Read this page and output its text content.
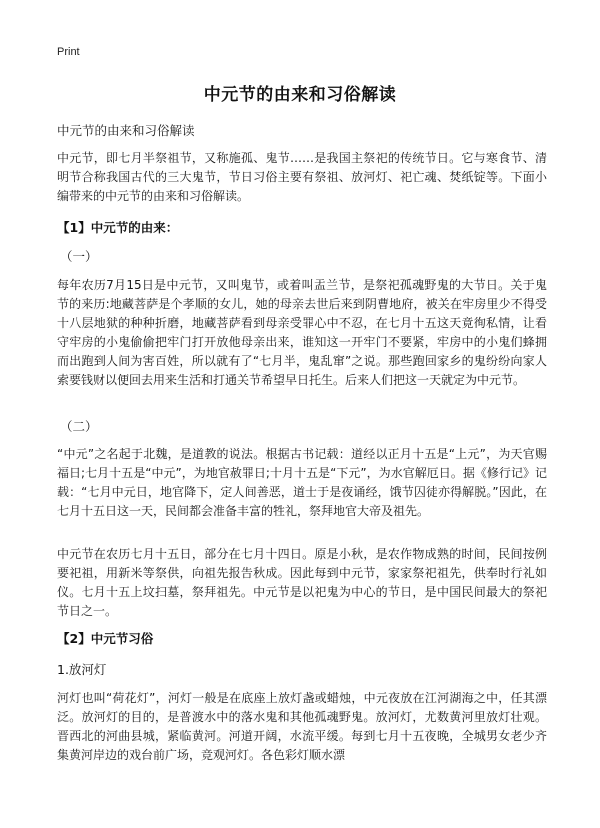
Print
中元节的由来和习俗解读
中元节的由来和习俗解读
中元节，即七月半祭祖节，又称施孤、鬼节……是我国主祭祀的传统节日。它与寒食节、清明节合称我国古代的三大鬼节，节日习俗主要有祭祖、放河灯、祀亡魂、焚纸锭等。下面小编带来的中元节的由来和习俗解读。
【1】中元节的由来：
（一）
每年农历7月15日是中元节，又叫鬼节，或着叫盂兰节，是祭祀孤魂野鬼的大节日。关于鬼节的来历:地藏菩萨是个孝顺的女儿，她的母亲去世后来到阴曹地府，被关在牢房里少不得受十八层地狱的种种折磨，地藏菩萨看到母亲受罪心中不忍，在七月十五这天竟徇私情，让看守牢房的小鬼偷偷把牢门打开放他母亲出来，谁知这一开牢门不要紧，牢房中的小鬼们蜂拥而出跑到人间为害百姓，所以就有了“七月半，鬼乱窜”之说。那些跑回家乡的鬼纷纷向家人索要钱财以便回去用来生活和打通关节希望早日托生。后来人们把这一天就定为中元节。
（二）
“中元”之名起于北魏，是道教的说法。根据古书记载：道经以正月十五是“上元”，为天官赐福日;七月十五是“中元”，为地官赦罪日;十月十五是“下元”，为水官解厄日。据《修行记》记载：“七月中元日，地官降下，定人间善恶，道士于是夜诵经，饿节囚徒亦得解脱。”因此，在七月十五日这一天，民间都会准备丰富的牲礼，祭拜地官大帝及祖先。
中元节在农历七月十五日，部分在七月十四日。原是小秋，是农作物成熟的时间，民间按例要祀祖，用新米等祭供，向祖先报告秋成。因此每到中元节，家家祭祀祖先，供奉时行礼如仪。七月十五上坟扫墓，祭拜祖先。中元节是以祀鬼为中心的节日，是中国民间最大的祭祀节日之一。
【2】中元节习俗
1.放河灯
河灯也叫“荷花灯”，河灯一般是在底座上放灯盏或蜡烛，中元夜放在江河湖海之中，任其漂泛。放河灯的目的，是普渡水中的落水鬼和其他孤魂野鬼。放河灯，尤数黄河里放灯壮观。晋西北的河曲县城，紧临黄河。河道开阔，水流平缓。每到七月十五夜晚，全城男女老少齐集黄河岸边的戏台前广场，竞观河灯。各色彩灯顺水漂
